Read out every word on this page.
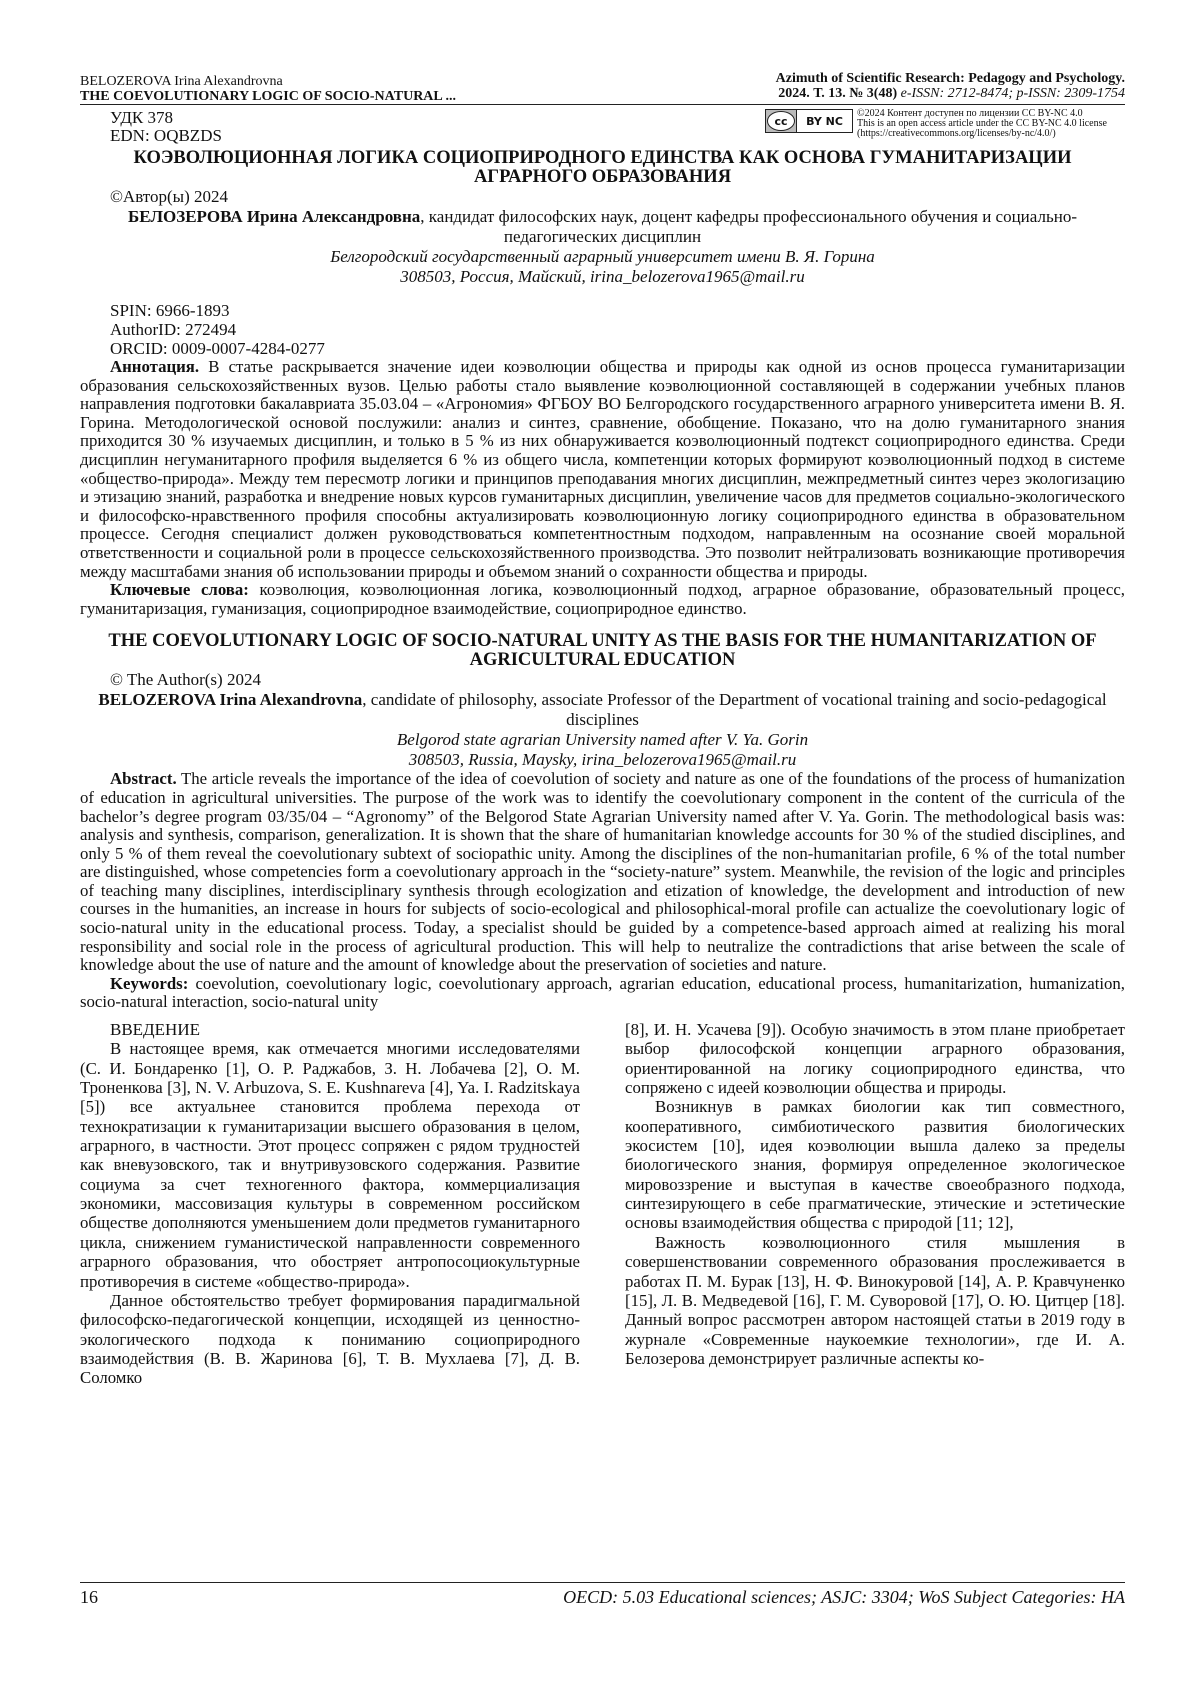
BELOZEROVA Irina Alexandrovna
THE COEVOLUTIONARY LOGIC OF SOCIO-NATURAL ...
Azimuth of Scientific Research: Pedagogy and Psychology.
2024. Т. 13. № 3(48) e-ISSN: 2712-8474; p-ISSN: 2309-1754
УДК 378
EDN: OQBZDS
cc	BY NC
©2024 Контент доступен по лицензии CC BY-NC 4.0
This is an open access article under the CC BY-NC 4.0 license
(https://creativecommons.org/licenses/by-nc/4.0/)
КОЭВОЛЮЦИОННАЯ ЛОГИКА СОЦИОПРИРОДНОГО ЕДИНСТВА КАК ОСНОВА ГУМАНИТАРИЗАЦИИ АГРАРНОГО ОБРАЗОВАНИЯ
©Автор(ы) 2024
БЕЛОЗЕРОВА Ирина Александровна, кандидат философских наук, доцент кафедры профессионального обучения и социально-педагогических дисциплин
Белгородский государственный аграрный университет имени В. Я. Горина
308503, Россия, Майский, irina_belozerova1965@mail.ru
SPIN: 6966-1893
AuthorID: 272494
ORCID: 0009-0007-4284-0277

Аннотация. В статье раскрывается значение идеи коэволюции общества и природы как одной из основ процесса гуманитаризации образования сельскохозяйственных вузов. Целью работы стало выявление коэволюционной составляющей в содержании учебных планов направления подготовки бакалавриата 35.03.04 – «Агрономия» ФГБОУ ВО Белгородского государственного аграрного университета имени В. Я. Горина. Методологической основой послужили: анализ и синтез, сравнение, обобщение. Показано, что на долю гуманитарного знания приходится 30 % изучаемых дисциплин, и только в 5 % из них обнаруживается коэволюционный подтекст социоприродного единства. Среди дисциплин негуманитарного профиля выделяется 6 % из общего числа, компетенции которых формируют коэволюционный подход в системе «общество-природа». Между тем пересмотр логики и принципов преподавания многих дисциплин, межпредметный синтез через экологизацию и этизацию знаний, разработка и внедрение новых курсов гуманитарных дисциплин, увеличение часов для предметов социально-экологического и философско-нравственного профиля способны актуализировать коэволюционную логику социоприродного единства в образовательном процессе. Сегодня специалист должен руководствоваться компетентностным подходом, направленным на осознание своей моральной ответственности и социальной роли в процессе сельскохозяйственного производства. Это позволит нейтрализовать возникающие противоречия между масштабами знания об использовании природы и объемом знаний о сохранности общества и природы.

Ключевые слова: коэволюция, коэволюционная логика, коэволюционный подход, аграрное образование, образовательный процесс, гуманитаризация, гуманизация, социоприродное взаимодействие, социоприродное единство.

THE COEVOLUTIONARY LOGIC OF SOCIO-NATURAL UNITY AS THE BASIS FOR THE HUMANITARIZATION OF AGRICULTURAL EDUCATION
© The Author(s) 2024
BELOZEROVA Irina Alexandrovna, candidate of philosophy, associate Professor of the Department of vocational training and socio-pedagogical disciplines
Belgorod state agrarian University named after V. Ya. Gorin
308503, Russia, Maysky, irina_belozerova1965@mail.ru

Abstract. The article reveals the importance of the idea of coevolution of society and nature as one of the foundations of the process of humanization of education in agricultural universities. The purpose of the work was to identify the coevolutionary component in the content of the curricula of the bachelor’s degree program 03/35/04 – “Agronomy” of the Belgorod State Agrarian University named after V. Ya. Gorin. The methodological basis was: analysis and synthesis, comparison, generalization. It is shown that the share of humanitarian knowledge accounts for 30 % of the studied disciplines, and only 5 % of them reveal the coevolutionary subtext of sociopathic unity. Among the disciplines of the non-humanitarian profile, 6 % of the total number are distinguished, whose competencies form a coevolutionary approach in the “society-nature” system. Meanwhile, the revision of the logic and principles of teaching many disciplines, interdisciplinary synthesis through ecologization and etization of knowledge, the development and introduction of new courses in the humanities, an increase in hours for subjects of socio-ecological and philosophical-moral profile can actualize the coevolutionary logic of socio-natural unity in the educational process. Today, a specialist should be guided by a competence-based approach aimed at realizing his moral responsibility and social role in the process of agricultural production. This will help to neutralize the contradictions that arise between the scale of knowledge about the use of nature and the amount of knowledge about the preservation of societies and nature.

Keywords: coevolution, coevolutionary logic, coevolutionary approach, agrarian education, educational process, humanitarization, humanization, socio-natural interaction, socio-natural unity

ВВЕДЕНИЕ

В настоящее время, как отмечается многими исследователями (С. И. Бондаренко [1], О. Р. Раджабов, З. Н. Лобачева [2], О. М. Троненкова [3], N. V. Arbuzova, S. E. Kushnareva [4], Ya. I. Radzitskaya [5]) все актуальнее становится проблема перехода от технократизации к гуманитаризации высшего образования в целом, аграрного, в частности. Этот процесс сопряжен с рядом трудностей как вневузовского, так и внутривузовского содержания. Развитие социума за счет техногенного фактора, коммерциализация экономики, массовизация культуры в современном российском обществе дополняются уменьшением доли предметов гуманитарного цикла, снижением гуманистической направленности современного аграрного образования, что обостряет антропосоциокультурные противоречия в системе «общество-природа».

Данное обстоятельство требует формирования парадигмальной философско-педагогической концепции, исходящей из ценностно-экологического подхода к пониманию социоприродного взаимодействия (В. В. Жаринова [6], Т. В. Мухлаева [7], Д. В. Соломко

[8], И. Н. Усачева [9]). Особую значимость в этом плане приобретает выбор философской концепции аграрного образования, ориентированной на логику социоприродного единства, что сопряжено с идеей коэволюции общества и природы.

Возникнув в рамках биологии как тип совместного, кооперативного, симбиотического развития биологических экосистем [10], идея коэволюции вышла далеко за пределы биологического знания, формируя определенное экологическое мировоззрение и выступая в качестве своеобразного подхода, синтезирующего в себе прагматические, этические и эстетические основы взаимодействия общества с природой [11; 12],

Важность коэволюционного стиля мышления в совершенствовании современного образования прослеживается в работах П. М. Бурак [13], Н. Ф. Винокуровой [14], А. Р. Кравчуненко [15], Л. В. Медведевой [16], Г. М. Суворовой [17], О. Ю. Цитцер [18]. Данный вопрос рассмотрен автором настоящей статьи в 2019 году в журнале «Современные наукоемкие технологии», где И. А. Белозерова демонстрирует различные аспекты ко-

16	OECD: 5.03 Educational sciences; ASJC: 3304; WoS Subject Categories: HA
